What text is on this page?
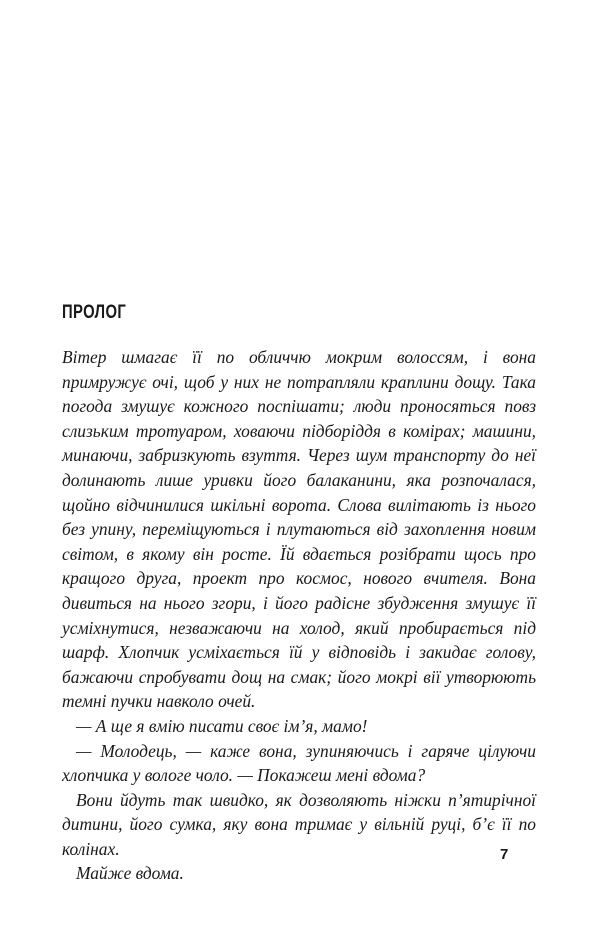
ПРОЛОГ

Вітер шмагає її по обличчю мокрим волоссям, і вона примружує очі, щоб у них не потрапляли краплини дощу. Така погода змушує кожного поспішати; люди проносяться повз слизьким тротуаром, ховаючи підборіддя в комірах; машини, минаючи, забризкують взуття. Через шум транспорту до неї долинають лише уривки його балаканини, яка розпочалася, щойно відчинилися шкільні ворота. Слова вилітають із нього без упину, переміщуються і плутаються від захоплення новим світом, в якому він росте. Їй вдається розібрати щось про кращого друга, проект про космос, нового вчителя. Вона дивиться на нього згори, і його радісне збудження змушує її усміхнутися, незважаючи на холод, який пробирається під шарф. Хлопчик усміхається їй у відповідь і закидає голову, бажаючи спробувати дощ на смак; його мокрі вії утворюють темні пучки навколо очей.

— А ще я вмію писати своє ім’я, мамо!

— Молодець, — каже вона, зупиняючись і гаряче цілуючи хлопчика у вологе чоло. — Покажеш мені вдома?

Вони йдуть так швидко, як дозволяють ніжки п’ятирічної дитини, його сумка, яку вона тримає у вільній руці, б’є її по колінах.

Майже вдома.

7
